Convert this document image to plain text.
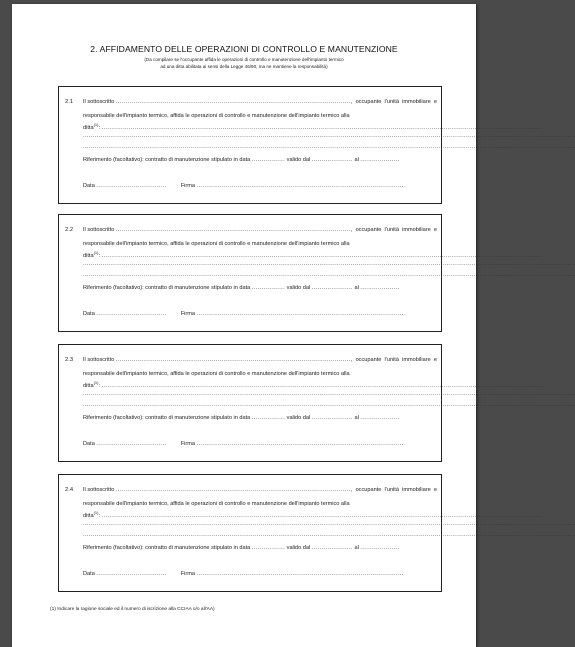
2. AFFIDAMENTO DELLE OPERAZIONI DI CONTROLLO E MANUTENZIONE
(Da compilare se l'occupante affida le operazioni di controllo e manutenzione dell'impianto termico
ad una ditta abilitata ai sensi della Legge 46/90, ma ne mantiene la responsabilità)
2.1 Il sottoscritto ........................................................................................................................, occupante l'unità immobiliare e
responsabile dell'impianto termico, affida le operazioni di controllo e manutenzione dell'impianto termico alla
ditta$^{(1)}$: ..................................................................................................................................................................................................................................
............................................................................................................................................................................................................................................................
............................................................................................................................................................................................................................................................
Riferimento (facoltativo): contratto di manutenzione stipulato in data ................. valido dal ..................... al ....................
Data ....................................	Firma ..........................................................................................................
2.2 Il sottoscritto ........................................................................................................................, occupante l'unità immobiliare e
responsabile dell'impianto termico, affida le operazioni di controllo e manutenzione dell'impianto termico alla
ditta$^{(1)}$: ..................................................................................................................................................................................................................................
............................................................................................................................................................................................................................................................
............................................................................................................................................................................................................................................................
Riferimento (facoltativo): contratto di manutenzione stipulato in data ................. valido dal ..................... al ....................
Data ....................................	Firma ..........................................................................................................
2.3 Il sottoscritto ........................................................................................................................, occupante l'unità immobiliare e
responsabile dell'impianto termico, affida le operazioni di controllo e manutenzione dell'impianto termico alla
ditta$^{(1)}$: ..................................................................................................................................................................................................................................
............................................................................................................................................................................................................................................................
............................................................................................................................................................................................................................................................
Riferimento (facoltativo): contratto di manutenzione stipulato in data ................. valido dal ..................... al ....................
Data ....................................	Firma ..........................................................................................................
2.4 Il sottoscritto ........................................................................................................................, occupante l'unità immobiliare e
responsabile dell'impianto termico, affida le operazioni di controllo e manutenzione dell'impianto termico alla
ditta$^{(1)}$: ..................................................................................................................................................................................................................................
............................................................................................................................................................................................................................................................
............................................................................................................................................................................................................................................................
Riferimento (facoltativo): contratto di manutenzione stipulato in data ................. valido dal ..................... al ....................
Data ....................................	Firma ..........................................................................................................
(1) Indicare la ragione sociale ed il numero di iscrizione alla CCIAA o/o all'AA)
